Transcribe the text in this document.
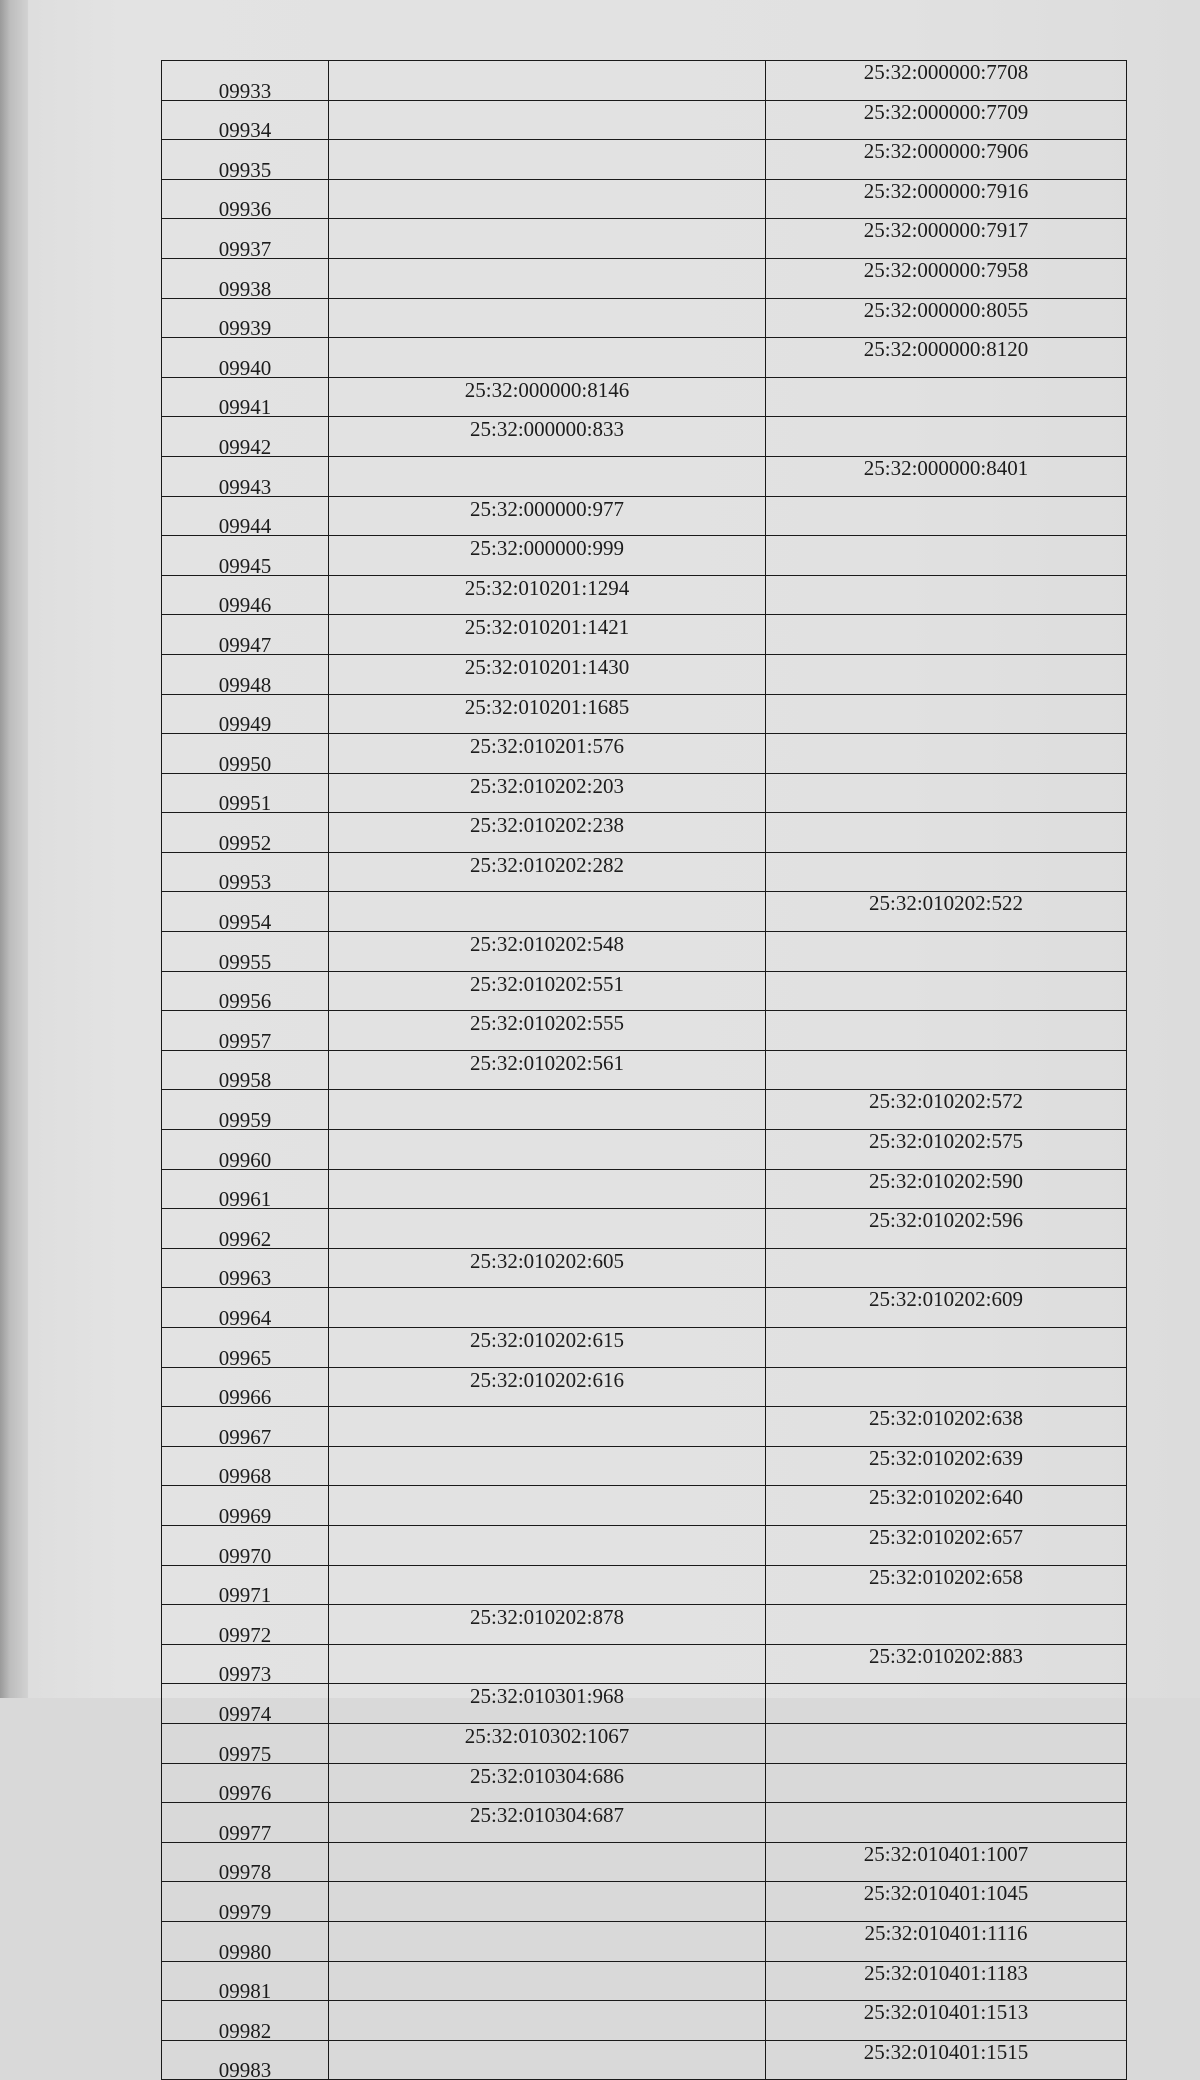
09933		25:32:000000:7708
09934		25:32:000000:7709
09935		25:32:000000:7906
09936		25:32:000000:7916
09937		25:32:000000:7917
09938		25:32:000000:7958
09939		25:32:000000:8055
09940		25:32:000000:8120
09941	25:32:000000:8146	
09942	25:32:000000:833	
09943		25:32:000000:8401
09944	25:32:000000:977	
09945	25:32:000000:999	
09946	25:32:010201:1294	
09947	25:32:010201:1421	
09948	25:32:010201:1430	
09949	25:32:010201:1685	
09950	25:32:010201:576	
09951	25:32:010202:203	
09952	25:32:010202:238	
09953	25:32:010202:282	
09954		25:32:010202:522
09955	25:32:010202:548	
09956	25:32:010202:551	
09957	25:32:010202:555	
09958	25:32:010202:561	
09959		25:32:010202:572
09960		25:32:010202:575
09961		25:32:010202:590
09962		25:32:010202:596
09963	25:32:010202:605	
09964		25:32:010202:609
09965	25:32:010202:615	
09966	25:32:010202:616	
09967		25:32:010202:638
09968		25:32:010202:639
09969		25:32:010202:640
09970		25:32:010202:657
09971		25:32:010202:658
09972	25:32:010202:878	
09973		25:32:010202:883
09974	25:32:010301:968	
09975	25:32:010302:1067	
09976	25:32:010304:686	
09977	25:32:010304:687	
09978		25:32:010401:1007
09979		25:32:010401:1045
09980		25:32:010401:1116
09981		25:32:010401:1183
09982		25:32:010401:1513
09983		25:32:010401:1515
